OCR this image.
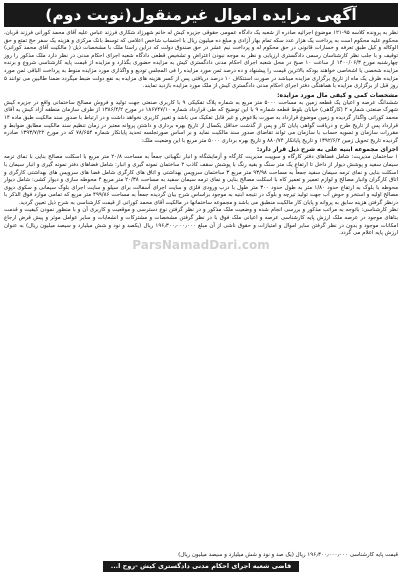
آگهی مزایده اموال غیرمنقول(نوبت دوم)

نظر به پرونده کلاسه ۹۵-۱۲۱ موضوع اجرائیه صادره از شعبه یک دادگاه عمومی حقوقی جزیره کیش له خانم شهرزاد شکاری فرزند عباس علیه آقای محمد کورانی فرزند قربان، محکوم علیه محکوم است به پرداخت یک هزار عدد سکه تمام بهار آزادی و مبلغ ده میلیون ریال با احتساب شاخص اعلامی که توسط بانک مرکزی و هزینه یک سفر حج تمتع و حق الوکاله و کیل طبق تعرفه و خسارات قانونی در حق محکوم له و پرداخت نیم عشر در حق صندوق دولت که دراین راستا ملک با مشخصات ذیل ( مالکیت آقای محمد کورانی) توقیف و با جلب نظر کارشناسان رسمی دادگستری ارزیابی و نظر به موجه نبودن اعتراض و تشخیص قطعی دادگاه شعبه اجرای احکام مدنی در نظر دارد ملک مذکور را روز چهارشنبه مورخ ۱۴۰۰/۰۶/۳ از ساعت ۱۰ صبح در محل شعبه اجرای احکام مدنی دادگستری کیش به مزایده حضوری بگذارد و مزایده از قیمت پایه کارشناسی شروع و برنده مزایده شخصی یا اشخاصی خواهند بودکه بالاترین قیمت را پیشنهاد و ده درصد ثمن مورد مزایده را فی المجلس تودیع و واگذاری مورد مزایده منوط به پرداخت الباقی ثمن مورد مزایده ظرف یک ماه از تاریخ برگزاری مزایده میباشد در صورت استنکاف ۱۰ درصد دریافتی پس از کسر هزینه های مزایده به نفع دولت ضبط میگردد ضمنا طالبین می توانند ۵ روز قبل از برگزاری مزایده با هماهنگی دفتر اجرای احکام مدنی دادگستری کیش از ملک مورد مزایده بازدید نمایند.

مشخصات کمی و کیفی مال مورد مزایده:

ششدانگ عرصه و اعیان یک قطعه زمین به مساحت ۵۰۰۰ متر مربع به شماره پلاک تفکیکی ۹ با کاربری صنعتی جهت تولید و فروش مصالح ساختمانی واقع در جزیره کیش شهرک صنعتی شماره ۲ (کارگاهی) خیابان بلوط قطعه شماره ۹ با این توضیح که طی قرارداد شماره ۱۸۶۷۴۷/۱۰ در مورخ ۱۳۸۶/۴/۲ از طرف سازمان منطقه آزاد کیش به آقای محمد کورانی واگذار گردیده و زمین موضوع قرارداد به صورت بلاعوض و غیر قابل تفکیک می باشد و تغییر کاربری نخواهد داشت و در ارتباط با صدور سند مالکیت طبق ماده ۱۴ قرارداد پس از تاریخ طرح و دریافت گواهی پایان کار و پس از گذشت حداقل یکسال از تاریخ بهره برداری و داشتن پروانه معتبر در زمان تنظیم سند مالکیت مطابق ضوابط و مقررات سازمان و تسویه حساب با سازمان می تواند تقاضای صدور سند مالکیت نماید و بر اساس صورتجلسه تحدید پایانکار شماره ۷۸/۶۵۴ که در مورخ ۱۳۹۳/۷/۲۲ صادره گردیده تاریخ تحویل زمین ۱۳۹۲/۶/۲ و تاریخ پایانکار ۸۸۰/۷۴ و تاریخ بهره برداری ۵۰۰۰ متر مربع با این وضعیت ملک:

اجزای مجموعه ابنیه علی به شرح ذیل قرار دارد:

۱ ساختمان مدیریت: شامل فضاهای دفتر کارگاه و سوییت مدیریت کارگاه و آزمایشگاه و انبار نگهبانی جمعاً به مساحت ۲۰/۸ متر مربع با اسکلت مصالح بنایی با نمای ترمه سیمان سفید و پوشش دیوار از داخل تا ارتفاع یک متر سنگ و بقیه رنگ با پوشش سقف کاذب ۲ ساختمان نمونه گیری و انبار: شامل فضاهای دفتر نمونه گیری و انبار سیمان با اسکلت بنایی و نمای ترمه سیمان سفید جمعاً به مساحت ۹۳/۹۸ متر مربع ۳ ساختمان سرویس بهداشتی و اتاق های کارگری شامل فضا های سرویس های بهداشتی کارگری و اتاق کارگران وانبار مصالح و لوازم تعمیر و تعمیر کاه با اسکلت مصالح بنایی و نمای ترمه سیمان سفید به مساحت ۲۰/۳۸ متر مربع ۴ محوطه سازی و دیوار کشی: شامل دیوار محوطه با بلوک به ارتفاع حدود ۱/۸۰ متر به طول حدود ۳۰۰ متر طول با درب ورودی فلزی و سایت اجرای آسفالت برای سیلو و سایت اجرای بلوک سیمانی و سکوی دپوی مصالح اولیه و استخر و حوض آب جهت تولید تیرچه و بلوک در نتیجه ابنیه به موجود براساس شرح بیان گردیده جمعاً به مساحت ۴۹۹/۸۶ متر مربع که تمامی موارد فوق الذکر با درنظر گرفتن هزینه سابق به پروانه و پایان کار مالکیت منطبق می باشد و مجموعه ساختمانها در مالکیت آقای محمد کورانی از قیمت کارشناسی به شرح ذیل تعیین گردید.

نظر کارشناسی: باتوجه به مراتب مذکور و بررسی انجام شده و وضعیت ملک مذکور و در نظر گرفتن نوع دسترسی و موقعیت و کاربری آن و با منظور نمودن کیفیت و قدمت بناهای موجود در عرصه ملک ارزش پایه کارشناسی عرصه و اعیانی ملک فوق با در نظر گرفتن مشخصات و مشترکات و انشعابات و سایر عوامل موثر و پیش فرض ارجاع امکانات موجود و بدون در نظر گرفتن سایر اموال و امتیازات و حقوق ناشی از آن مبلغ ۱۹۶٫۳۰۰٫۰۰۰٫۰۰۰ ریال (یکصد و نود و شش میلیارد و سیصد میلیون ریال) به عنوان ارزش پایه اعلام می گردد.

ParsNamadDari.com
قیمت پایه کارشناسی ۱۹۶٫۳۰۰٫۰۰۰٫۰۰۰ ریال (یک صد و نود و شش میلیارد و سیصد میلیون ریال)
قاضی شعبه اجرای احکام مدنی دادگستری کیش -روح ا... معادتی
